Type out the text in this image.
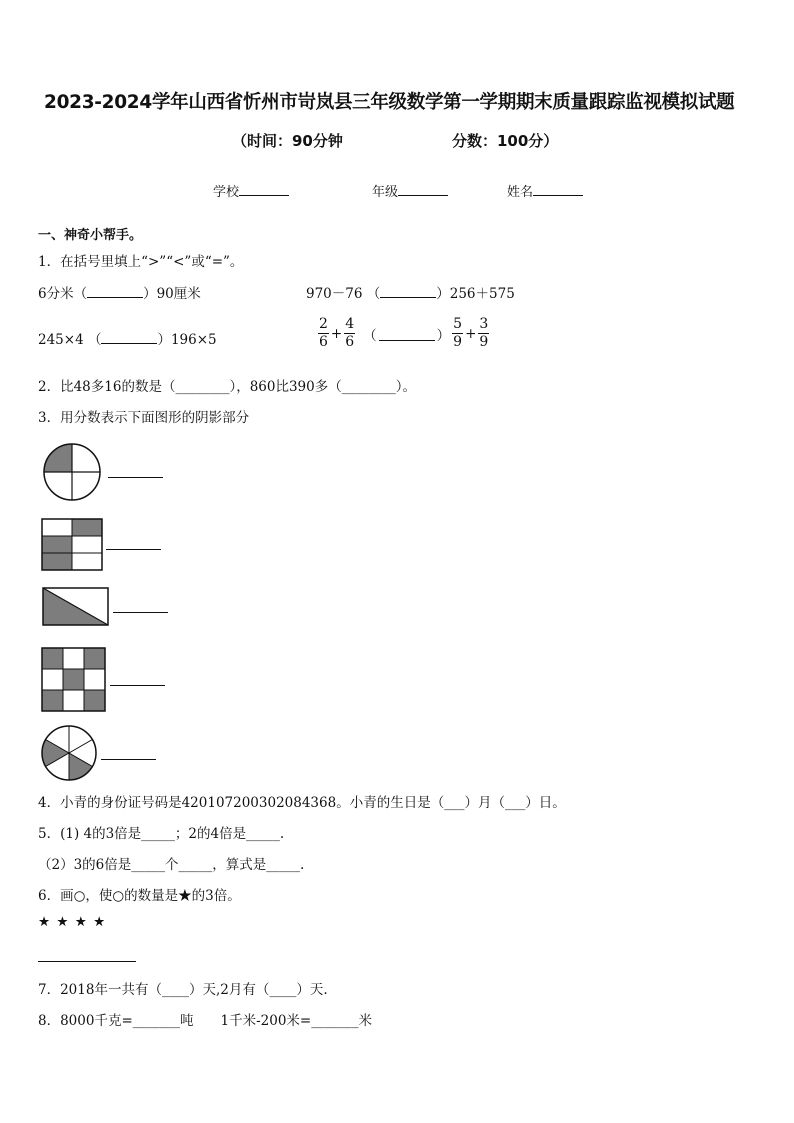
2023-2024学年山西省忻州市岢岚县三年级数学第一学期期末质量跟踪监视模拟试题
（时间：90分钟	分数：100分）
学校	年级	姓名
一、神奇小帮手。
1．在括号里填上“>”“<”或“=”。
6分米（	）90厘米	970－76 （	）256＋575
245×4 （	）196×5	$\frac{2}{6} + \frac{4}{6}$ （	） $\frac{5}{9} + \frac{3}{9}$
2．比48多16的数是（________），860比390多（________）。
3．用分数表示下面图形的阴影部分
4．小青的身份证号码是420107200302084368。小青的生日是（___）月（___）日。
5．(1) 4的3倍是_____；2的4倍是_____.
（2）3的6倍是_____个_____，算式是_____.
6．画○，使○的数量是★的3倍。
★ ★ ★ ★
7．2018年一共有（____）天,2月有（____）天.
8．8000千克=_______吨　　1千米-200米=_______米
